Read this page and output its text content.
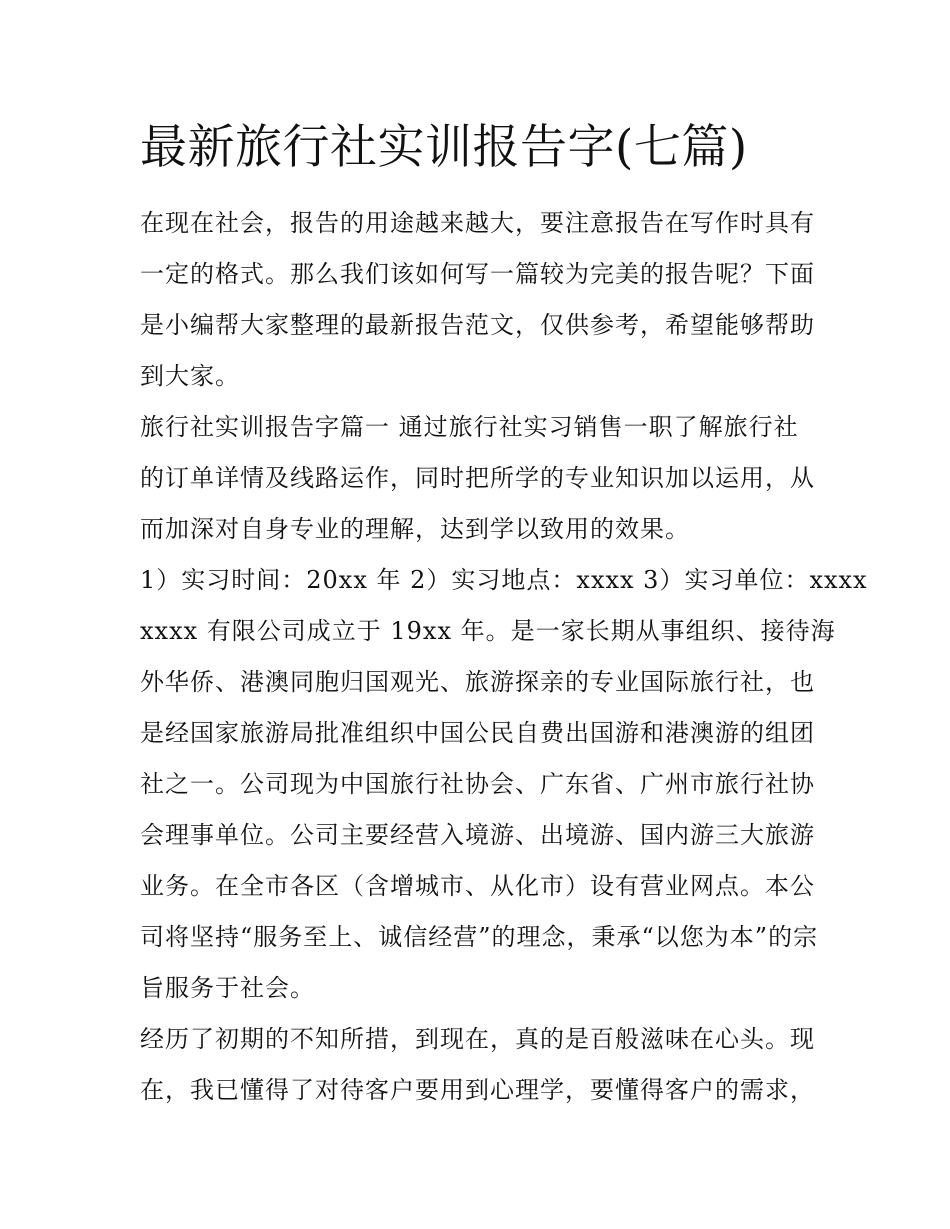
最新旅行社实训报告字(七篇)

在现在社会，报告的用途越来越大，要注意报告在写作时具有
一定的格式。那么我们该如何写一篇较为完美的报告呢？下面
是小编帮大家整理的最新报告范文，仅供参考，希望能够帮助
到大家。

旅行社实训报告字篇一 通过旅行社实习销售一职了解旅行社
的订单详情及线路运作，同时把所学的专业知识加以运用，从
而加深对自身专业的理解，达到学以致用的效果。

1）实习时间：20xx 年 2）实习地点：xxxx 3）实习单位：xxxx
xxxx 有限公司成立于 19xx 年。是一家长期从事组织、接待海
外华侨、港澳同胞归国观光、旅游探亲的专业国际旅行社，也
是经国家旅游局批准组织中国公民自费出国游和港澳游的组团
社之一。公司现为中国旅行社协会、广东省、广州市旅行社协
会理事单位。公司主要经营入境游、出境游、国内游三大旅游
业务。在全市各区（含增城市、从化市）设有营业网点。本公
司将坚持“服务至上、诚信经营”的理念，秉承“以您为本”的宗
旨服务于社会。

经历了初期的不知所措，到现在，真的是百般滋味在心头。现
在，我已懂得了对待客户要用到心理学，要懂得客户的需求，
